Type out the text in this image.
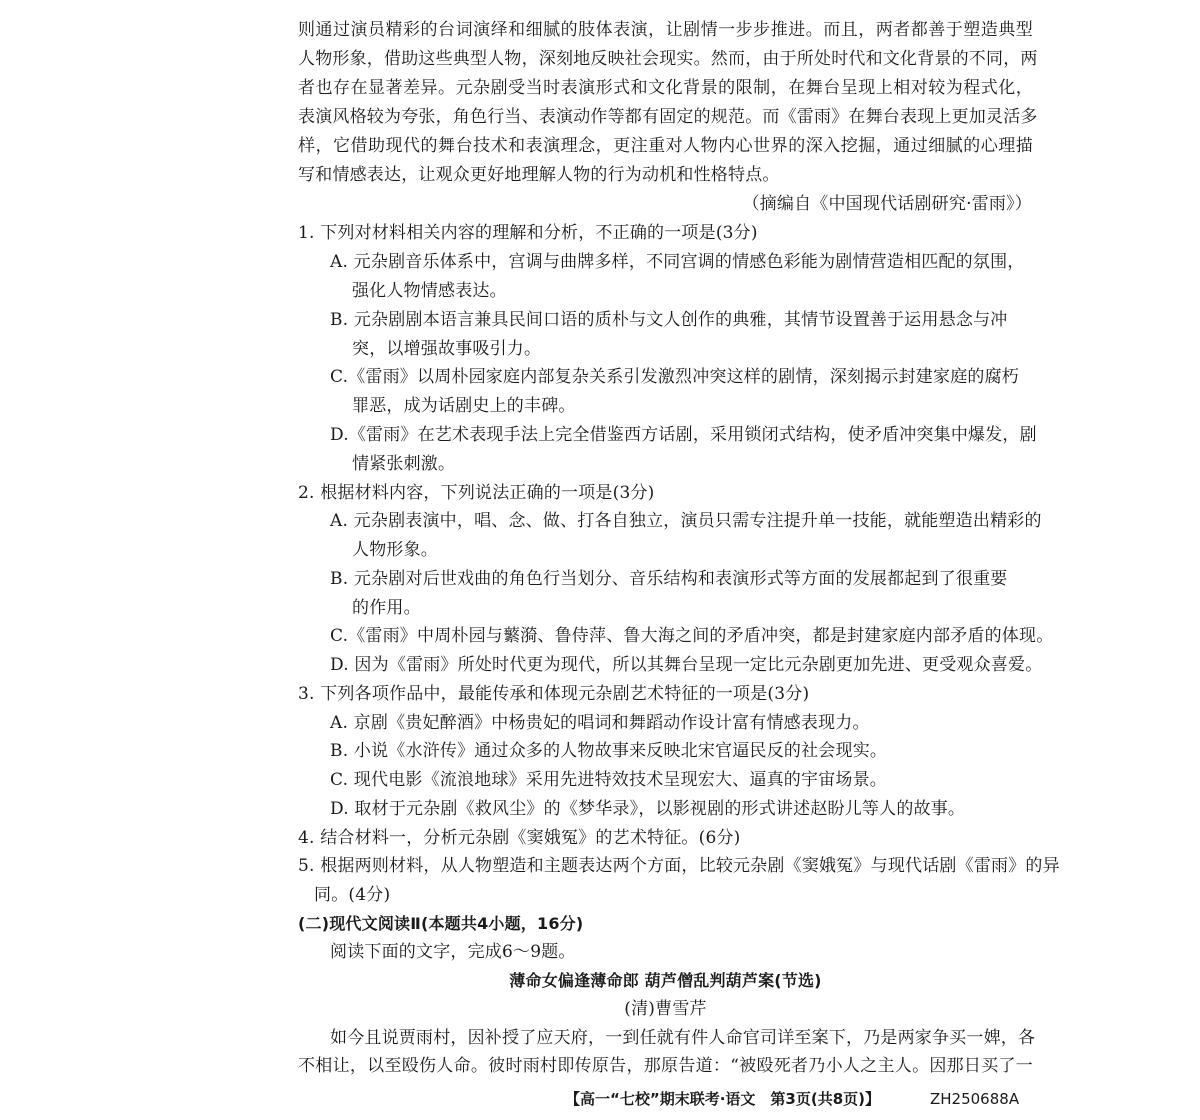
则通过演员精彩的台词演绎和细腻的肢体表演，让剧情一步步推进。而且，两者都善于塑造典型
人物形象，借助这些典型人物，深刻地反映社会现实。然而，由于所处时代和文化背景的不同，两
者也存在显著差异。元杂剧受当时表演形式和文化背景的限制，在舞台呈现上相对较为程式化，
表演风格较为夸张，角色行当、表演动作等都有固定的规范。而《雷雨》在舞台表现上更加灵活多
样，它借助现代的舞台技术和表演理念，更注重对人物内心世界的深入挖掘，通过细腻的心理描
写和情感表达，让观众更好地理解人物的行为动机和性格特点。
（摘编自《中国现代话剧研究·雷雨》）
1. 下列对材料相关内容的理解和分析，不正确的一项是(3分)
A. 元杂剧音乐体系中，宫调与曲牌多样，不同宫调的情感色彩能为剧情营造相匹配的氛围，
强化人物情感表达。
B. 元杂剧剧本语言兼具民间口语的质朴与文人创作的典雅，其情节设置善于运用悬念与冲
突，以增强故事吸引力。
C.《雷雨》以周朴园家庭内部复杂关系引发激烈冲突这样的剧情，深刻揭示封建家庭的腐朽
罪恶，成为话剧史上的丰碑。
D.《雷雨》在艺术表现手法上完全借鉴西方话剧，采用锁闭式结构，使矛盾冲突集中爆发，剧
情紧张刺激。
2. 根据材料内容，下列说法正确的一项是(3分)
A. 元杂剧表演中，唱、念、做、打各自独立，演员只需专注提升单一技能，就能塑造出精彩的
人物形象。
B. 元杂剧对后世戏曲的角色行当划分、音乐结构和表演形式等方面的发展都起到了很重要
的作用。
C.《雷雨》中周朴园与蘩漪、鲁侍萍、鲁大海之间的矛盾冲突，都是封建家庭内部矛盾的体现。
D. 因为《雷雨》所处时代更为现代，所以其舞台呈现一定比元杂剧更加先进、更受观众喜爱。
3. 下列各项作品中，最能传承和体现元杂剧艺术特征的一项是(3分)
A. 京剧《贵妃醉酒》中杨贵妃的唱词和舞蹈动作设计富有情感表现力。
B. 小说《水浒传》通过众多的人物故事来反映北宋官逼民反的社会现实。
C. 现代电影《流浪地球》采用先进特效技术呈现宏大、逼真的宇宙场景。
D. 取材于元杂剧《救风尘》的《梦华录》，以影视剧的形式讲述赵盼儿等人的故事。
4. 结合材料一，分析元杂剧《窦娥冤》的艺术特征。(6分)
5. 根据两则材料，从人物塑造和主题表达两个方面，比较元杂剧《窦娥冤》与现代话剧《雷雨》的异
同。(4分)
(二)现代文阅读Ⅱ(本题共4小题，16分)
阅读下面的文字，完成6～9题。
薄命女偏逢薄命郎 葫芦僧乱判葫芦案(节选)
(清)曹雪芹
如今且说贾雨村，因补授了应天府，一到任就有件人命官司详至案下，乃是两家争买一婢，各
不相让，以至殴伤人命。彼时雨村即传原告，那原告道：“被殴死者乃小人之主人。因那日买了一
【高一“七校”期末联考·语文　第3页(共8页)】	ZH250688A
